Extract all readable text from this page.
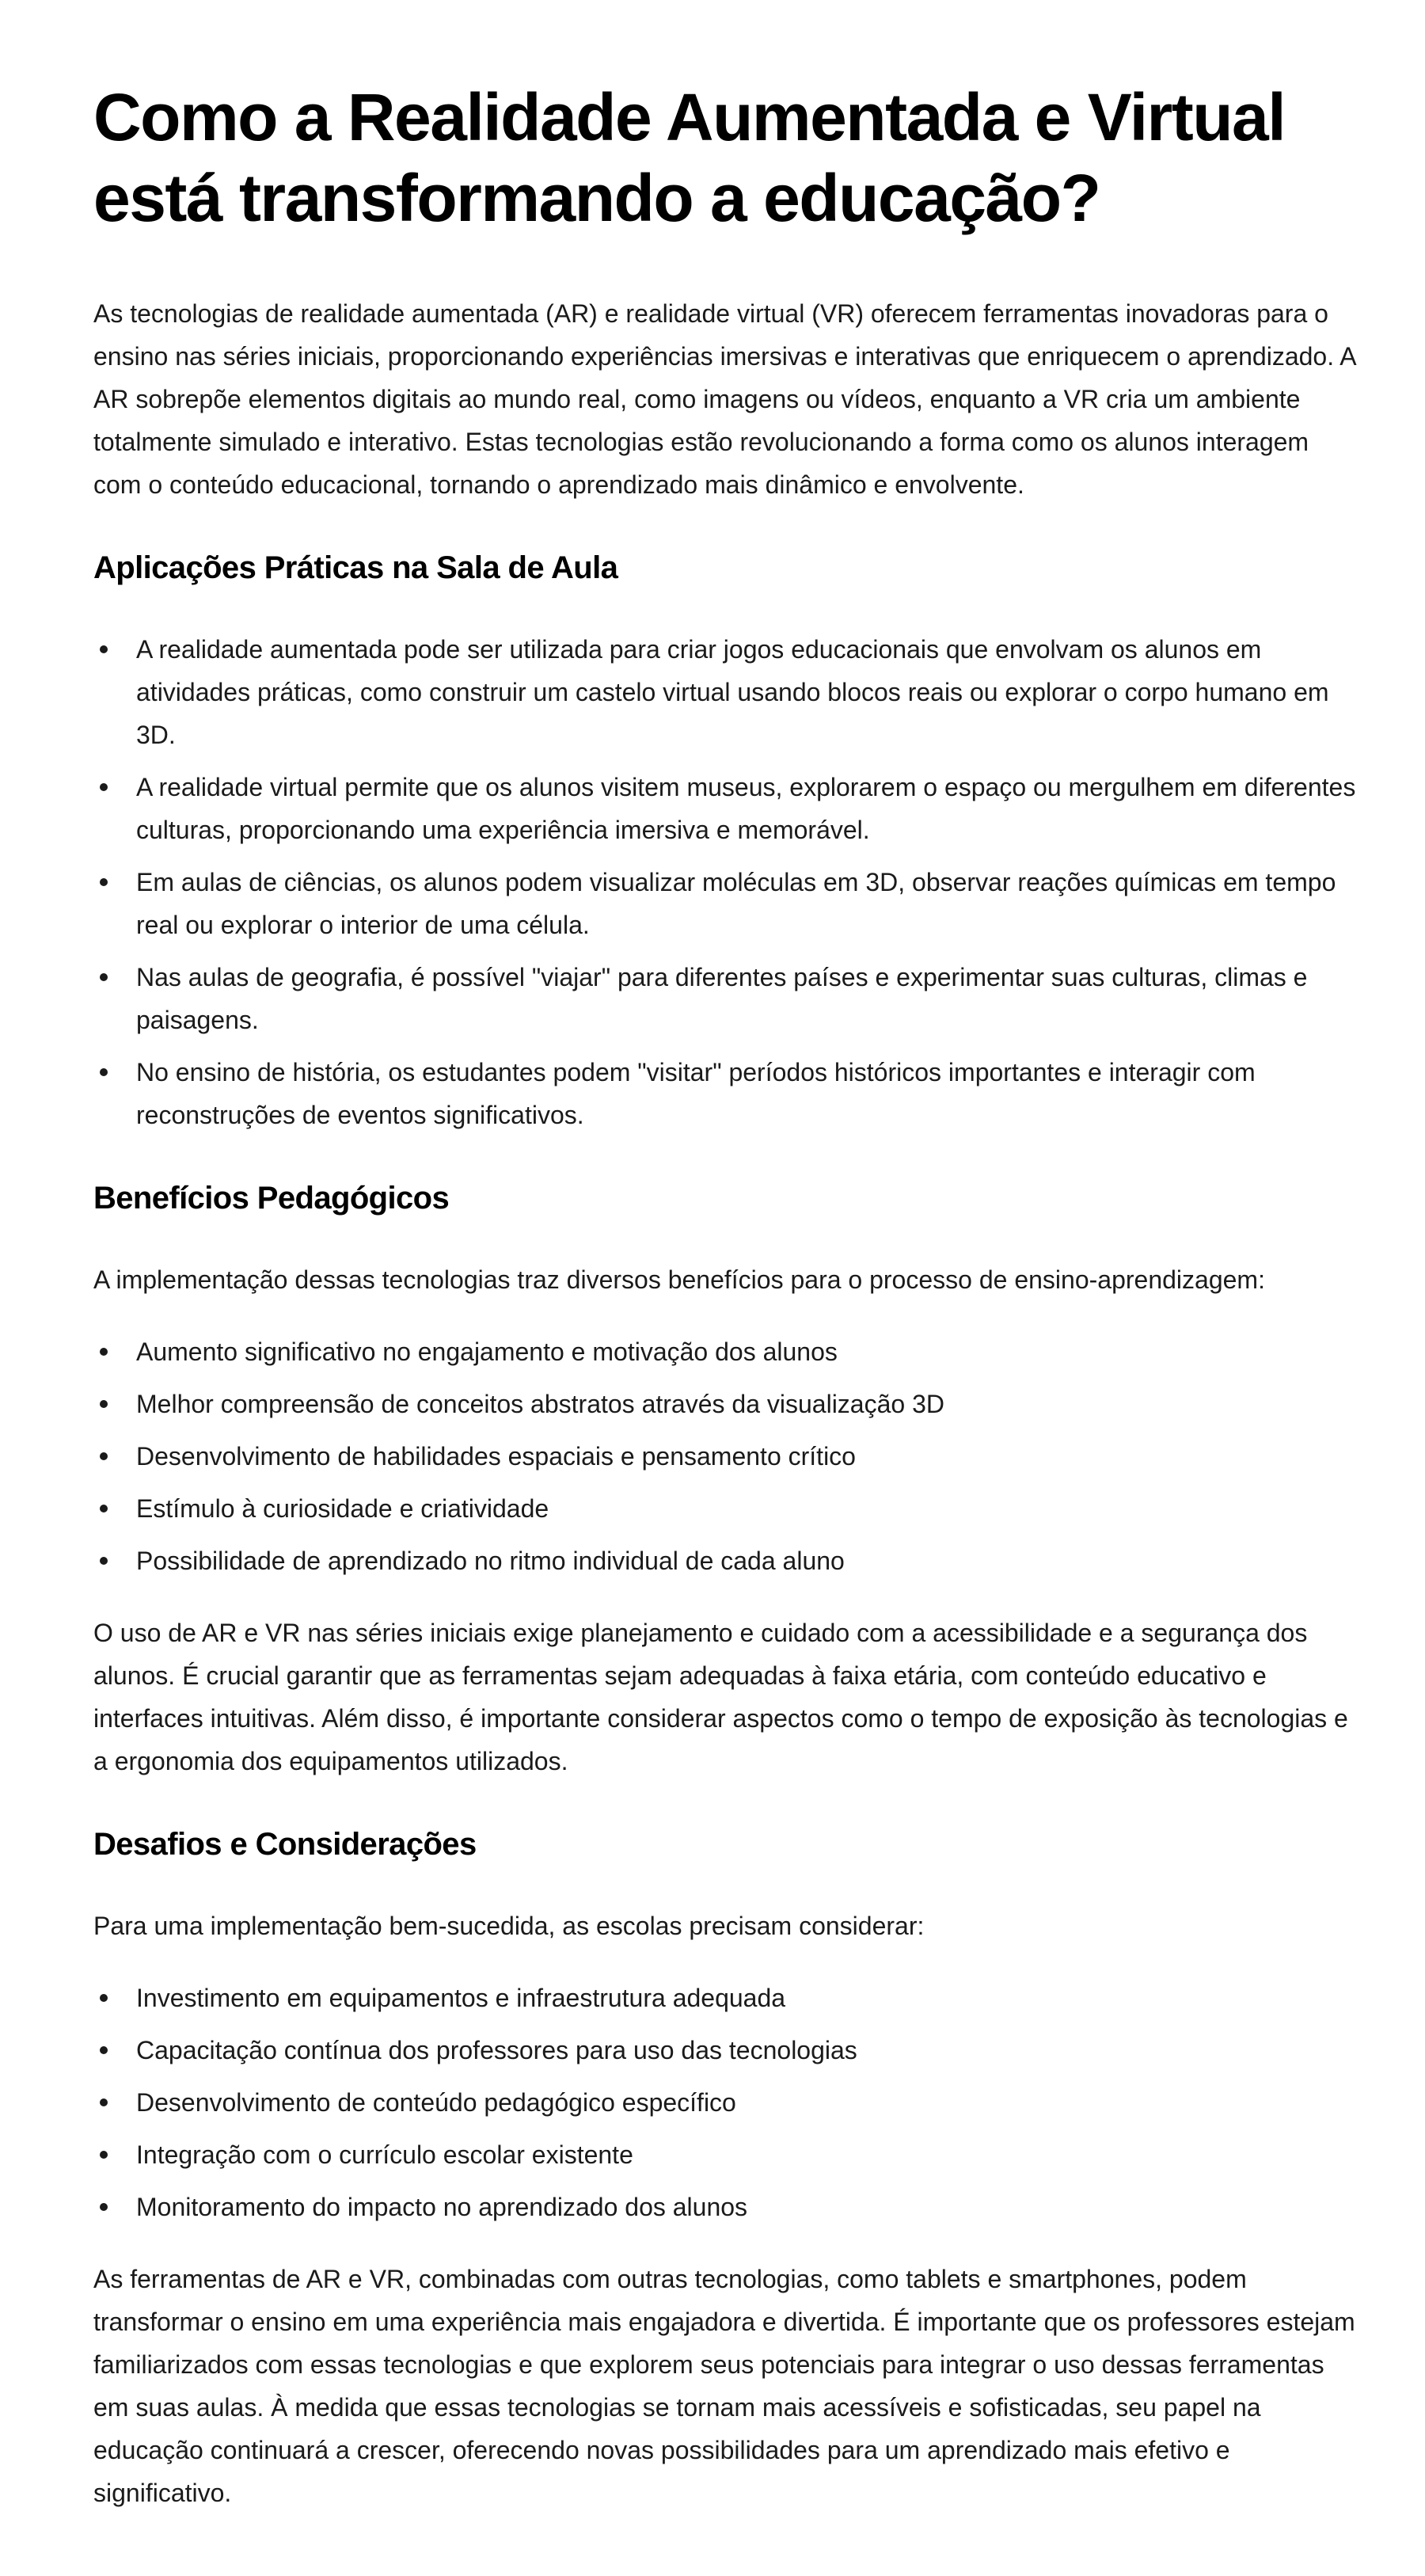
Como a Realidade Aumentada e Virtual está transformando a educação?

As tecnologias de realidade aumentada (AR) e realidade virtual (VR) oferecem ferramentas inovadoras para o ensino nas séries iniciais, proporcionando experiências imersivas e interativas que enriquecem o aprendizado. A AR sobrepõe elementos digitais ao mundo real, como imagens ou vídeos, enquanto a VR cria um ambiente totalmente simulado e interativo. Estas tecnologias estão revolucionando a forma como os alunos interagem com o conteúdo educacional, tornando o aprendizado mais dinâmico e envolvente.

Aplicações Práticas na Sala de Aula
A realidade aumentada pode ser utilizada para criar jogos educacionais que envolvam os alunos em atividades práticas, como construir um castelo virtual usando blocos reais ou explorar o corpo humano em 3D.
A realidade virtual permite que os alunos visitem museus, explorarem o espaço ou mergulhem em diferentes culturas, proporcionando uma experiência imersiva e memorável.
Em aulas de ciências, os alunos podem visualizar moléculas em 3D, observar reações químicas em tempo real ou explorar o interior de uma célula.
Nas aulas de geografia, é possível "viajar" para diferentes países e experimentar suas culturas, climas e paisagens.
No ensino de história, os estudantes podem "visitar" períodos históricos importantes e interagir com reconstruções de eventos significativos.
Benefícios Pedagógicos

A implementação dessas tecnologias traz diversos benefícios para o processo de ensino-aprendizagem:

Aumento significativo no engajamento e motivação dos alunos
Melhor compreensão de conceitos abstratos através da visualização 3D
Desenvolvimento de habilidades espaciais e pensamento crítico
Estímulo à curiosidade e criatividade
Possibilidade de aprendizado no ritmo individual de cada aluno

O uso de AR e VR nas séries iniciais exige planejamento e cuidado com a acessibilidade e a segurança dos alunos. É crucial garantir que as ferramentas sejam adequadas à faixa etária, com conteúdo educativo e interfaces intuitivas. Além disso, é importante considerar aspectos como o tempo de exposição às tecnologias e a ergonomia dos equipamentos utilizados.

Desafios e Considerações

Para uma implementação bem-sucedida, as escolas precisam considerar:

Investimento em equipamentos e infraestrutura adequada
Capacitação contínua dos professores para uso das tecnologias
Desenvolvimento de conteúdo pedagógico específico
Integração com o currículo escolar existente
Monitoramento do impacto no aprendizado dos alunos

As ferramentas de AR e VR, combinadas com outras tecnologias, como tablets e smartphones, podem transformar o ensino em uma experiência mais engajadora e divertida. É importante que os professores estejam familiarizados com essas tecnologias e que explorem seus potenciais para integrar o uso dessas ferramentas em suas aulas. À medida que essas tecnologias se tornam mais acessíveis e sofisticadas, seu papel na educação continuará a crescer, oferecendo novas possibilidades para um aprendizado mais efetivo e significativo.
